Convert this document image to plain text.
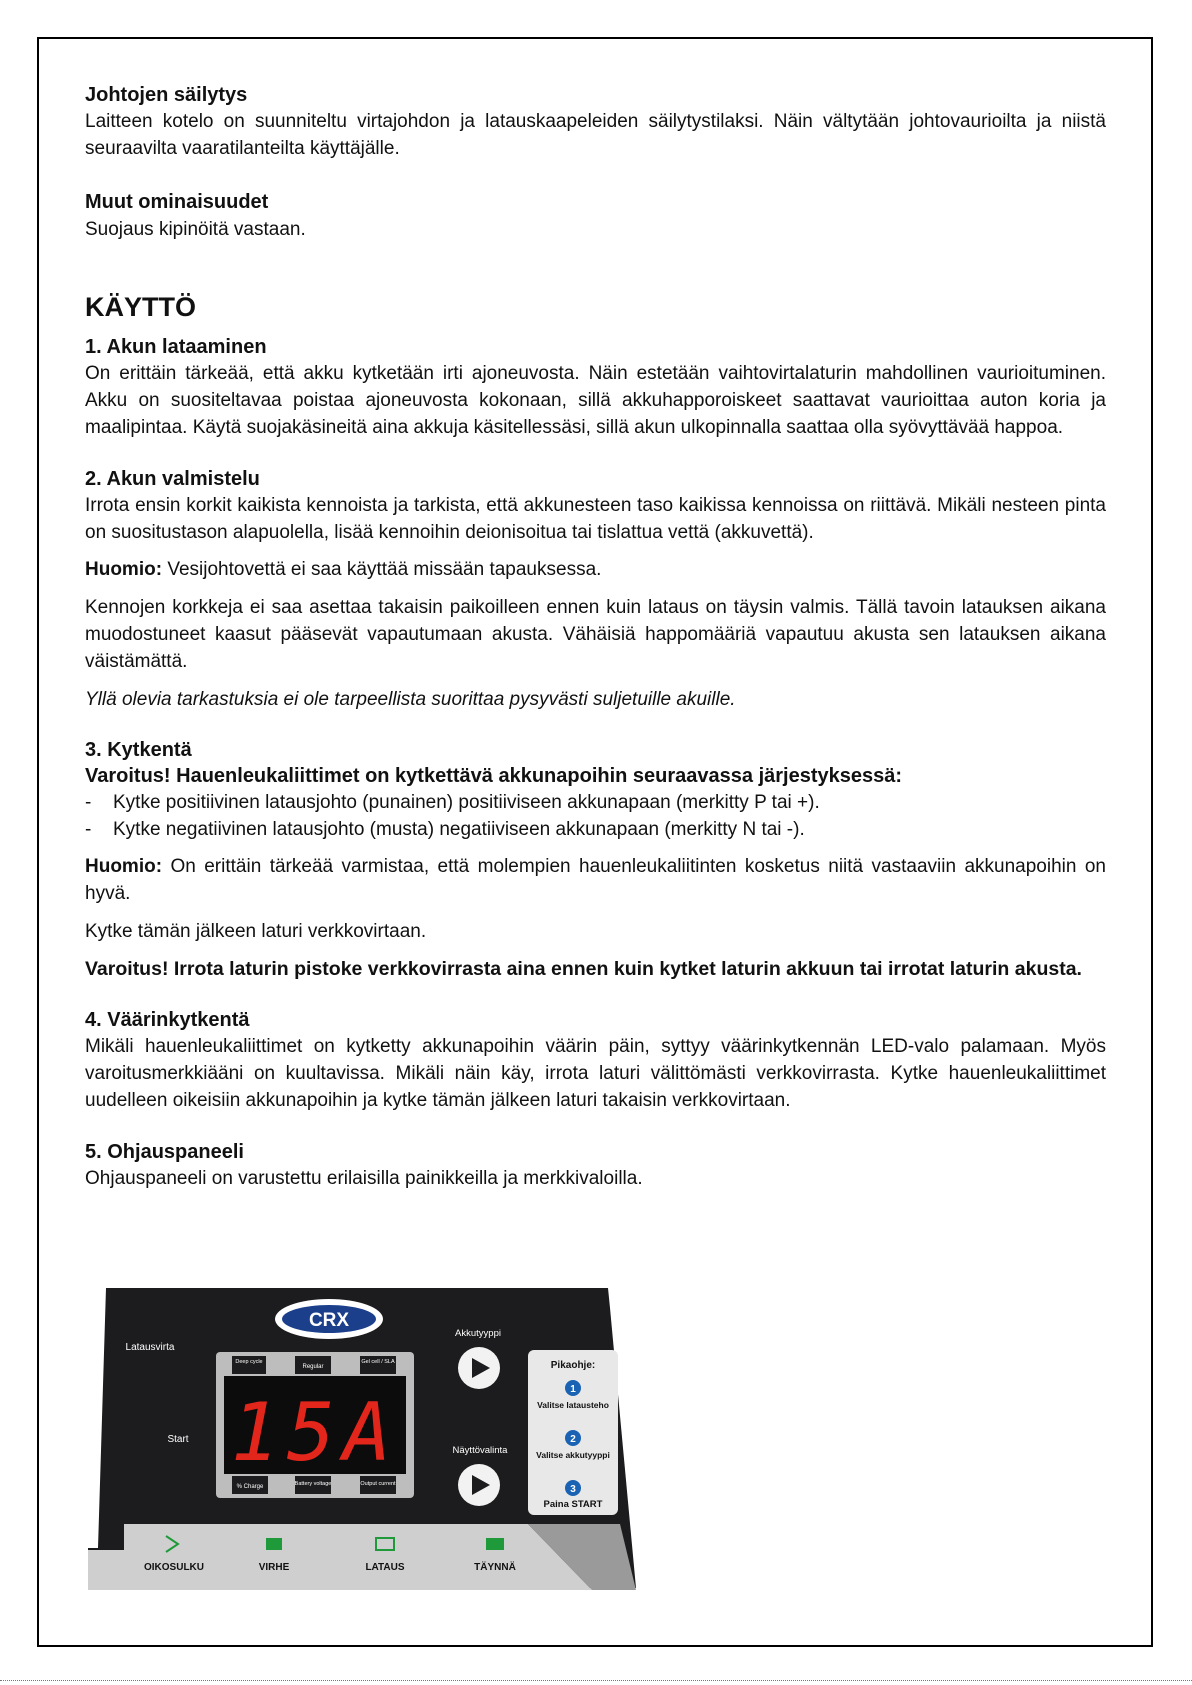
Johtojen säilytys

Laitteen kotelo on suunniteltu virtajohdon ja latauskaapeleiden säilytystilaksi. Näin vältytään johtovaurioilta ja niistä seuraavilta vaaratilanteilta käyttäjälle.

Muut ominaisuudet

Suojaus kipinöitä vastaan.

KÄYTTÖ
1. Akun lataaminen

On erittäin tärkeää, että akku kytketään irti ajoneuvosta. Näin estetään vaihtovirtalaturin mahdollinen vaurioituminen. Akku on suositeltavaa poistaa ajoneuvosta kokonaan, sillä akkuhapporoiskeet saattavat vaurioittaa auton koria ja maalipintaa. Käytä suojakäsineitä aina akkuja käsitellessäsi, sillä akun ulkopinnalla saattaa olla syövyttävää happoa.

2. Akun valmistelu

Irrota ensin korkit kaikista kennoista ja tarkista, että akkunesteen taso kaikissa kennoissa on riittävä. Mikäli nesteen pinta on suositustason alapuolella, lisää kennoihin deionisoitua tai tislattua vettä (akkuvettä).

Huomio: Vesijohtovettä ei saa käyttää missään tapauksessa.

Kennojen korkkeja ei saa asettaa takaisin paikoilleen ennen kuin lataus on täysin valmis. Tällä tavoin latauksen aikana muodostuneet kaasut pääsevät vapautumaan akusta. Vähäisiä happomääriä vapautuu akusta sen latauksen aikana väistämättä.

Yllä olevia tarkastuksia ei ole tarpeellista suorittaa pysyvästi suljetuille akuille.

3. Kytkentä
Varoitus! Hauenleukaliittimet on kytkettävä akkunapoihin seuraavassa järjestyksessä:
-	Kytke positiivinen latausjohto (punainen) positiiviseen akkunapaan (merkitty P tai +).
-	Kytke negatiivinen latausjohto (musta) negatiiviseen akkunapaan (merkitty N tai -).

Huomio: On erittäin tärkeää varmistaa, että molempien hauenleukaliitinten kosketus niitä vastaaviin akkunapoihin on hyvä.

Kytke tämän jälkeen laturi verkkovirtaan.

Varoitus! Irrota laturin pistoke verkkovirrasta aina ennen kuin kytket laturin akkuun tai irrotat laturin akusta.

4. Väärinkytkentä

Mikäli hauenleukaliittimet on kytketty akkunapoihin väärin päin, syttyy väärinkytkennän LED-valo palamaan. Myös varoitusmerkkiääni on kuultavissa. Mikäli näin käy, irrota laturi välittömästi verkkovirrasta. Kytke hauenleukaliittimet uudelleen oikeisiin akkunapoihin ja kytke tämän jälkeen laturi takaisin verkkovirtaan.

5. Ohjauspaneeli

Ohjauspaneeli on varustettu erilaisilla painikkeilla ja merkkivaloilla.

CRX
Latausvirta
Start
Deep cycle
Regular
Gel cell / SLA
% Charge	Battery voltage	Output current
15A
Akkutyyppi
Näyttövalinta
Pikaohje:
1
Valitse latausteho
2
Valitse akkutyyppi
3
Paina START
OIKOSULKU	VIRHE	LATAUS	TÄYNNÄ
